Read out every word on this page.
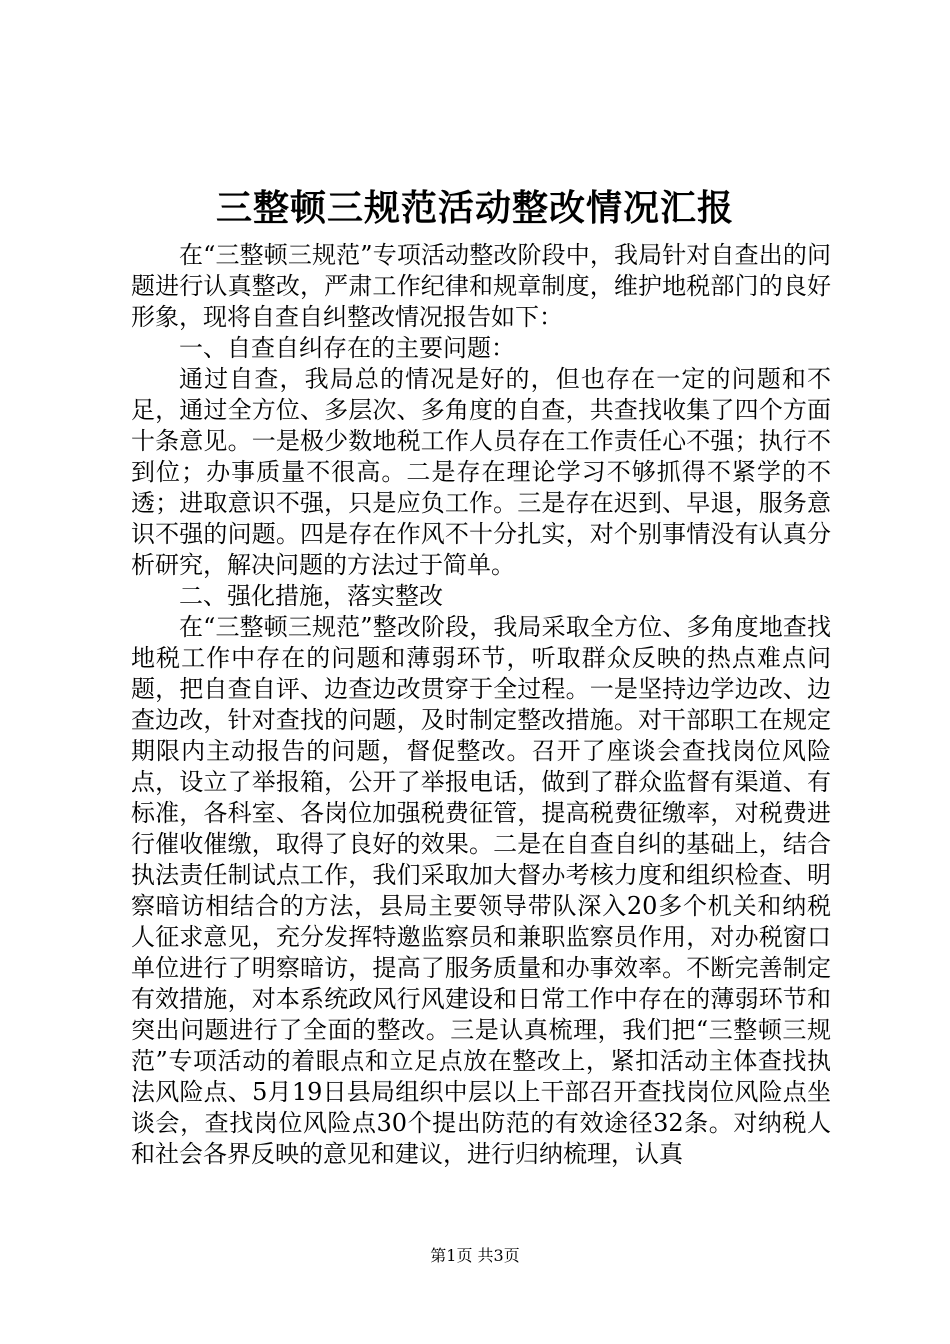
三整顿三规范活动整改情况汇报

在“三整顿三规范”专项活动整改阶段中，我局针对自查出的问题进行认真整改，严肃工作纪律和规章制度，维护地税部门的良好形象，现将自查自纠整改情况报告如下：

一、自查自纠存在的主要问题：

通过自查，我局总的情况是好的，但也存在一定的问题和不足，通过全方位、多层次、多角度的自查，共查找收集了四个方面十条意见。一是极少数地税工作人员存在工作责任心不强；执行不到位；办事质量不很高。二是存在理论学习不够抓得不紧学的不透；进取意识不强，只是应负工作。三是存在迟到、早退，服务意识不强的问题。四是存在作风不十分扎实，对个别事情没有认真分析研究，解决问题的方法过于简单。

二、强化措施，落实整改

在“三整顿三规范”整改阶段，我局采取全方位、多角度地查找地税工作中存在的问题和薄弱环节，听取群众反映的热点难点问题，把自查自评、边查边改贯穿于全过程。一是坚持边学边改、边查边改，针对查找的问题，及时制定整改措施。对干部职工在规定期限内主动报告的问题，督促整改。召开了座谈会查找岗位风险点，设立了举报箱，公开了举报电话，做到了群众监督有渠道、有标准，各科室、各岗位加强税费征管，提高税费征缴率，对税费进行催收催缴，取得了良好的效果。二是在自查自纠的基础上，结合执法责任制试点工作，我们采取加大督办考核力度和组织检查、明察暗访相结合的方法，县局主要领导带队深入20多个机关和纳税人征求意见，充分发挥特邀监察员和兼职监察员作用，对办税窗口单位进行了明察暗访，提高了服务质量和办事效率。不断完善制定有效措施，对本系统政风行风建设和日常工作中存在的薄弱环节和突出问题进行了全面的整改。三是认真梳理，我们把“三整顿三规范”专项活动的着眼点和立足点放在整改上，紧扣活动主体查找执法风险点、5月19日县局组织中层以上干部召开查找岗位风险点坐谈会，查找岗位风险点30个提出防范的有效途径32条。对纳税人和社会各界反映的意见和建议，进行归纳梳理，认真

第1页 共3页
